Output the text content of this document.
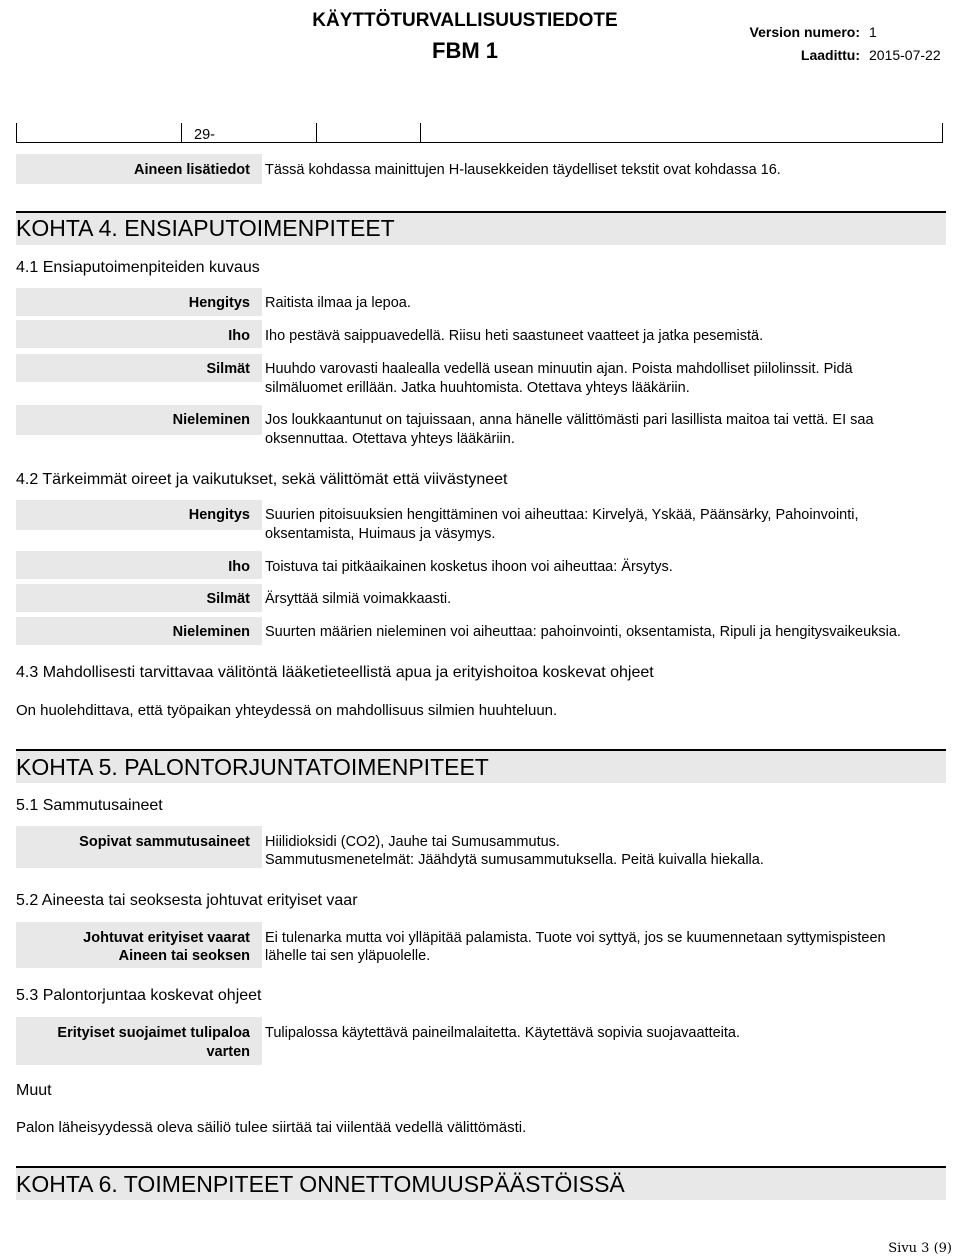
KÄYTTÖTURVALLISUUSTIEDOTE
FBM 1
Version numero: 1
Laadittu: 2015-07-22
29-
Aineen lisätiedot Tässä kohdassa mainittujen H-lausekkeiden täydelliset tekstit ovat kohdassa 16.
KOHTA 4. ENSIAPUTOIMENPITEET
4.1 Ensiaputoimenpiteiden kuvaus
Hengitys Raitista ilmaa ja lepoa.
Iho Iho pestävä saippuavedellä. Riisu heti saastuneet vaatteet ja jatka pesemistä.
Silmät Huuhdo varovasti haalealla vedellä usean minuutin ajan. Poista mahdolliset piilolinssit. Pidä
silmäluomet erillään. Jatka huuhtomista. Otettava yhteys lääkäriin.
Nieleminen Jos loukkaantunut on tajuissaan, anna hänelle välittömästi pari lasillista maitoa tai vettä. EI saa
oksennuttaa. Otettava yhteys lääkäriin.
4.2 Tärkeimmät oireet ja vaikutukset, sekä välittömät että viivästyneet
Hengitys Suurien pitoisuuksien hengittäminen voi aiheuttaa: Kirvelyä, Yskää, Päänsärky, Pahoinvointi,
oksentamista, Huimaus ja väsymys.
Iho Toistuva tai pitkäaikainen kosketus ihoon voi aiheuttaa: Ärsytys.
Silmät Ärsyttää silmiä voimakkaasti.
Nieleminen Suurten määrien nieleminen voi aiheuttaa: pahoinvointi, oksentamista, Ripuli ja hengitysvaikeuksia.
4.3 Mahdollisesti tarvittavaa välitöntä lääketieteellistä apua ja erityishoitoa koskevat ohjeet
On huolehdittava, että työpaikan yhteydessä on mahdollisuus silmien huuhteluun.
KOHTA 5. PALONTORJUNTATOIMENPITEET
5.1 Sammutusaineet
Sopivat sammutusaineet Hiilidioksidi (CO2), Jauhe tai Sumusammutus.
Sammutusmenetelmät: Jäähdytä sumusammutuksella. Peitä kuivalla hiekalla.
5.2 Aineesta tai seoksesta johtuvat erityiset vaar
Johtuvat erityiset vaarat
Aineen tai seoksen
Ei tulenarka mutta voi ylläpitää palamista. Tuote voi syttyä, jos se kuumennetaan syttymispisteen
lähelle tai sen yläpuolelle.
5.3 Palontorjuntaa koskevat ohjeet
Erityiset suojaimet tulipaloa
varten
Tulipalossa käytettävä paineilmalaitetta. Käytettävä sopivia suojavaatteita.
Muut
Palon läheisyydessä oleva säiliö tulee siirtää tai viilentää vedellä välittömästi.
KOHTA 6. TOIMENPITEET ONNETTOMUUSPÄÄSTÖISSÄ
Sivu 3 (9)
